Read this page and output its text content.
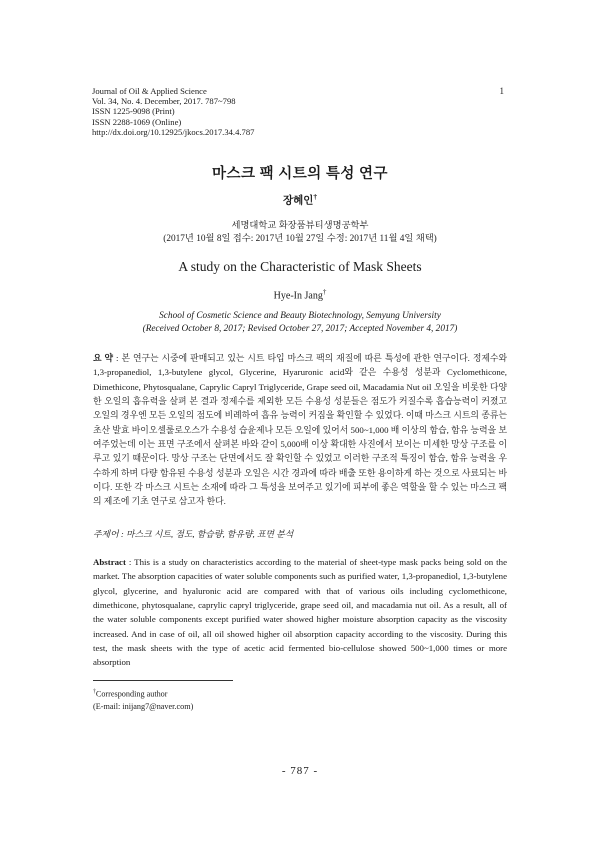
Journal of Oil & Applied Science
Vol. 34, No. 4. December, 2017. 787~798
ISSN 1225-9098 (Print)
ISSN 2288-1069 (Online)
http://dx.doi.org/10.12925/jkocs.2017.34.4.787
1
마스크 팩 시트의 특성 연구
장혜인†
세명대학교 화장품뷰티생명공학부
(2017년 10월 8일 접수: 2017년 10월 27일 수정: 2017년 11월 4일 채택)
A study on the Characteristic of Mask Sheets
Hye-In Jang†
School of Cosmetic Science and Beauty Biotechnology, Semyung University
(Received October 8, 2017; Revised October 27, 2017; Accepted November 4, 2017)
요 약 : 본 연구는 시중에 판매되고 있는 시트 타입 마스크 팩의 재질에 따른 특성에 관한 연구이다. 정제수와 1,3-propanediol, 1,3-butylene glycol, Glycerine, Hyaruronic acid와 같은 수용성 성분과 Cyclomethicone, Dimethicone, Phytosqualane, Caprylic Capryl Triglyceride, Grape seed oil, Macadamia Nut oil 오일을 비롯한 다양한 오일의 흡유력을 살펴 본 결과 정제수를 제외한 모든 수용성 성분들은 점도가 커질수록 흡습능력이 커졌고 오일의 경우엔 모든 오일의 점도에 비례하여 흡유 능력이 커짐을 확인할 수 있었다. 이때 마스크 시트의 종류는 초산 발효 바이오셀룰로오스가 수용성 습윤제나 모든 오일에 있어서 500~1,000 배 이상의 함습, 함유 능력을 보여주었는데 이는 표면 구조에서 살펴본 바와 같이 5,000배 이상 확대한 사진에서 보이는 미세한 망상 구조를 이루고 있기 때문이다. 망상 구조는 단면에서도 잘 확인할 수 있었고 이러한 구조적 특징이 함습, 함유 능력을 우수하게 하며 다량 함유된 수용성 성분과 오일은 시간 경과에 따라 배출 또한 용이하게 하는 것으로 사료되는 바이다. 또한 각 마스크 시트는 소재에 따라 그 특성을 보여주고 있기에 피부에 좋은 역할을 할 수 있는 마스크 팩의 제조에 기초 연구로 삼고자 한다.
주제어 : 마스크 시트, 점도, 함습량, 함유량, 표면 분석
Abstract : This is a study on characteristics according to the material of sheet-type mask packs being sold on the market. The absorption capacities of water soluble components such as purified water, 1,3-propanediol, 1,3-butylene glycol, glycerine, and hyaluronic acid are compared with that of various oils including cyclomethicone, dimethicone, phytosqualane, caprylic capryl triglyceride, grape seed oil, and macadamia nut oil. As a result, all of the water soluble components except purified water showed higher moisture absorption capacity as the viscosity increased. And in case of oil, all oil showed higher oil absorption capacity according to the viscosity. During this test, the mask sheets with the type of acetic acid fermented bio-cellulose showed 500~1,000 times or more absorption
†Corresponding author
(E-mail: inijang7@naver.com)
- 787 -
